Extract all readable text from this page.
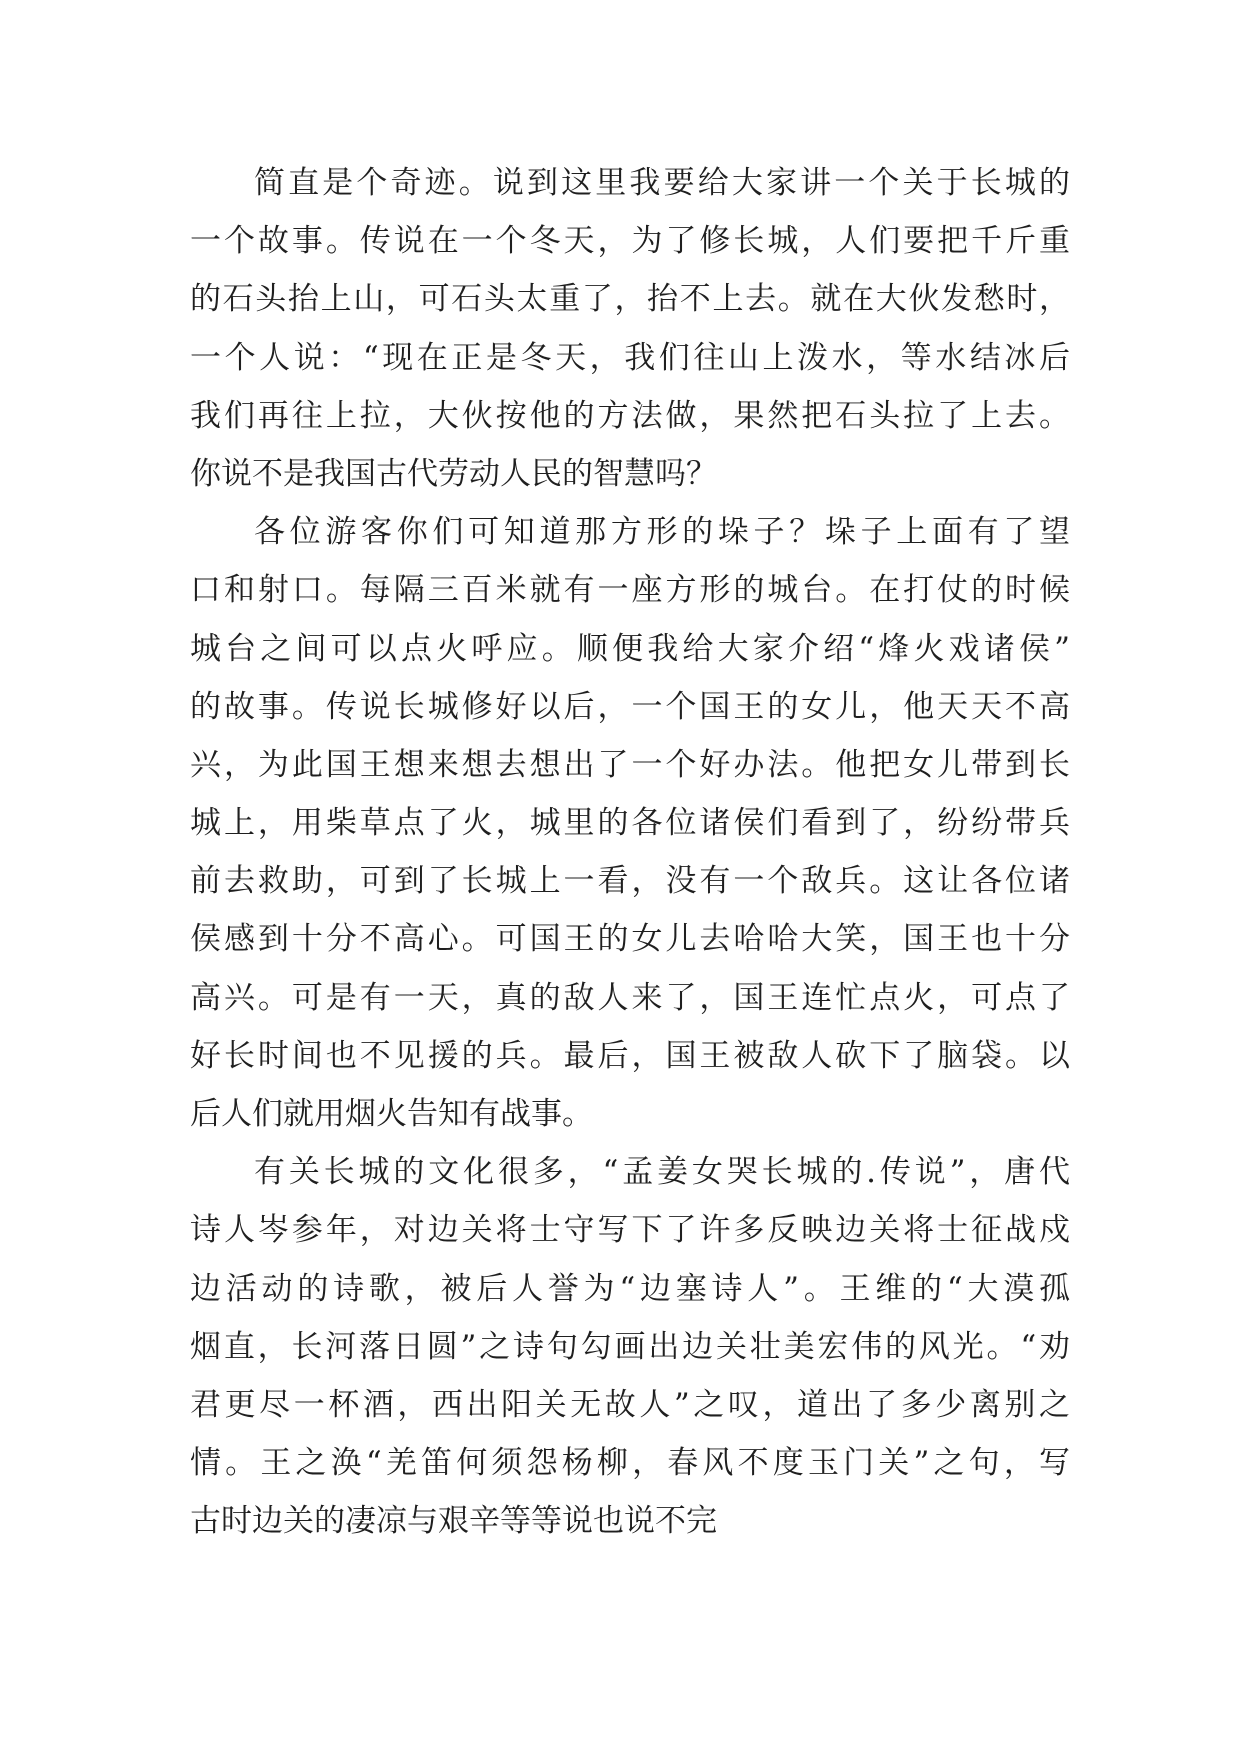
简直是个奇迹。说到这里我要给大家讲一个关于长城的
一个故事。传说在一个冬天，为了修长城，人们要把千斤重
的石头抬上山，可石头太重了，抬不上去。就在大伙发愁时，
一个人说：“现在正是冬天，我们往山上泼水，等水结冰后
我们再往上拉，大伙按他的方法做，果然把石头拉了上去。
你说不是我国古代劳动人民的智慧吗？
各位游客你们可知道那方形的垛子？垛子上面有了望
口和射口。每隔三百米就有一座方形的城台。在打仗的时候
城台之间可以点火呼应。顺便我给大家介绍“烽火戏诸侯”
的故事。传说长城修好以后，一个国王的女儿，他天天不高
兴，为此国王想来想去想出了一个好办法。他把女儿带到长
城上，用柴草点了火，城里的各位诸侯们看到了，纷纷带兵
前去救助，可到了长城上一看，没有一个敌兵。这让各位诸
侯感到十分不高心。可国王的女儿去哈哈大笑，国王也十分
高兴。可是有一天，真的敌人来了，国王连忙点火，可点了
好长时间也不见援的兵。最后，国王被敌人砍下了脑袋。以
后人们就用烟火告知有战事。
有关长城的文化很多，“孟姜女哭长城的.传说”，唐代
诗人岑参年，对边关将士守写下了许多反映边关将士征战戍
边活动的诗歌，被后人誉为“边塞诗人”。王维的“大漠孤
烟直，长河落日圆”之诗句勾画出边关壮美宏伟的风光。“劝
君更尽一杯酒，西出阳关无故人”之叹，道出了多少离别之
情。王之涣“羌笛何须怨杨柳，春风不度玉门关”之句，写
古时边关的凄凉与艰辛等等说也说不完
